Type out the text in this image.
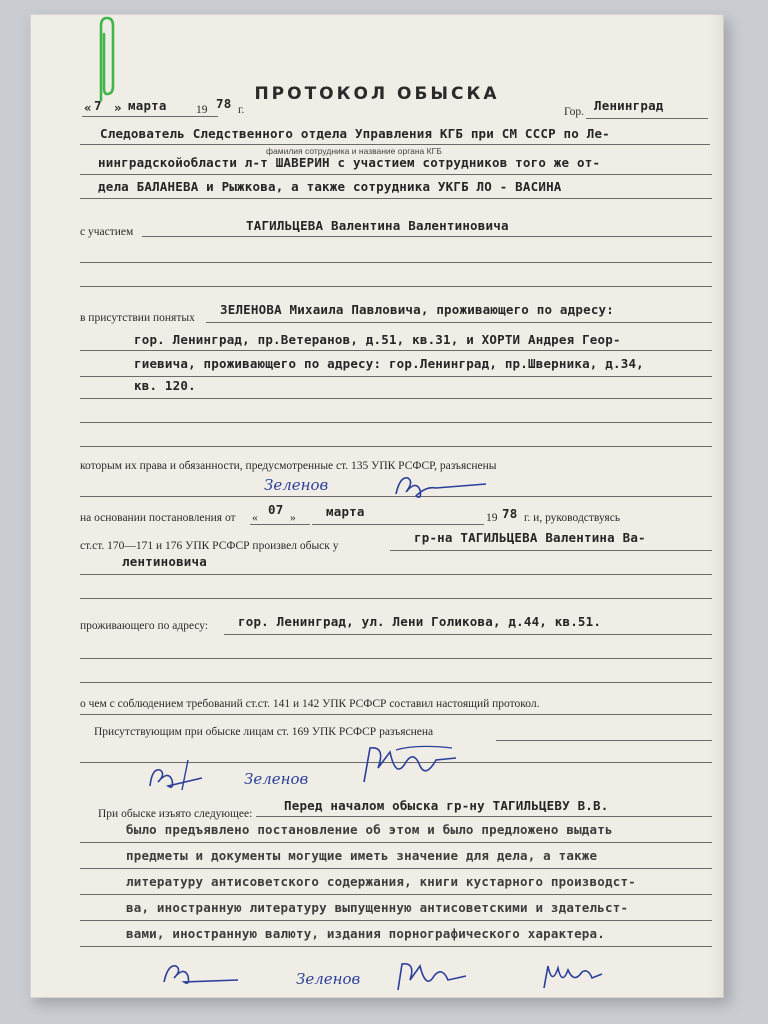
ПРОТОКОЛ ОБЫСКА
« 7 » марта	19 78 г.	Гор. Ленинград
Следователь Следственного отдела Управления КГБ при СМ СССР по Ле-
фамилия сотрудника и название органа КГБ
нинградскойобласти л-т ШАВЕРИН с участием сотрудников того же от-
дела БАЛАНЕВА и Рыжкова, а также сотрудника УКГБ ЛО - ВАСИНА
с участием	ТАГИЛЬЦЕВА Валентина Валентиновича
в присутствии понятых
ЗЕЛЕНОВА Михаила Павловича, проживающего по адресу:
гор. Ленинград, пр.Ветеранов, д.51, кв.31, и ХОРТИ Андрея Геор-
гиевича, проживающего по адресу: гор.Ленинград, пр.Шверника, д.34,
кв. 120.
которым их права и обязанности, предусмотренные ст. 135 УПК РСФСР, разъяснены
Зеленов
на основании постановления от «
07
» марта	19 78 г. и, руководствуясь
ст.ст. 170—171 и 176 УПК РСФСР произвел обыск у
гр-на ТАГИЛЬЦЕВА Валентина Ва-
лентиновича
проживающего по адресу: гор. Ленинград, ул. Лени Голикова, д.44, кв.51.
о чем с соблюдением требований ст.ст. 141 и 142 УПК РСФСР составил настоящий протокол.
Присутствующим при обыске лицам ст. 169 УПК РСФСР разъяснена
Зеленов
При обыске изъято следующее:
Перед началом обыска гр-ну ТАГИЛЬЦЕВУ В.В.
было предъявлено постановление об этом и было предложено выдать
предметы и документы могущие иметь значение для дела, а также
литературу антисоветского содержания, книги кустарного производст-
ва, иностранную литературу выпущенную антисоветскими и здательст-
вами, иностранную валюту, издания порнографического характера.
Зеленов
